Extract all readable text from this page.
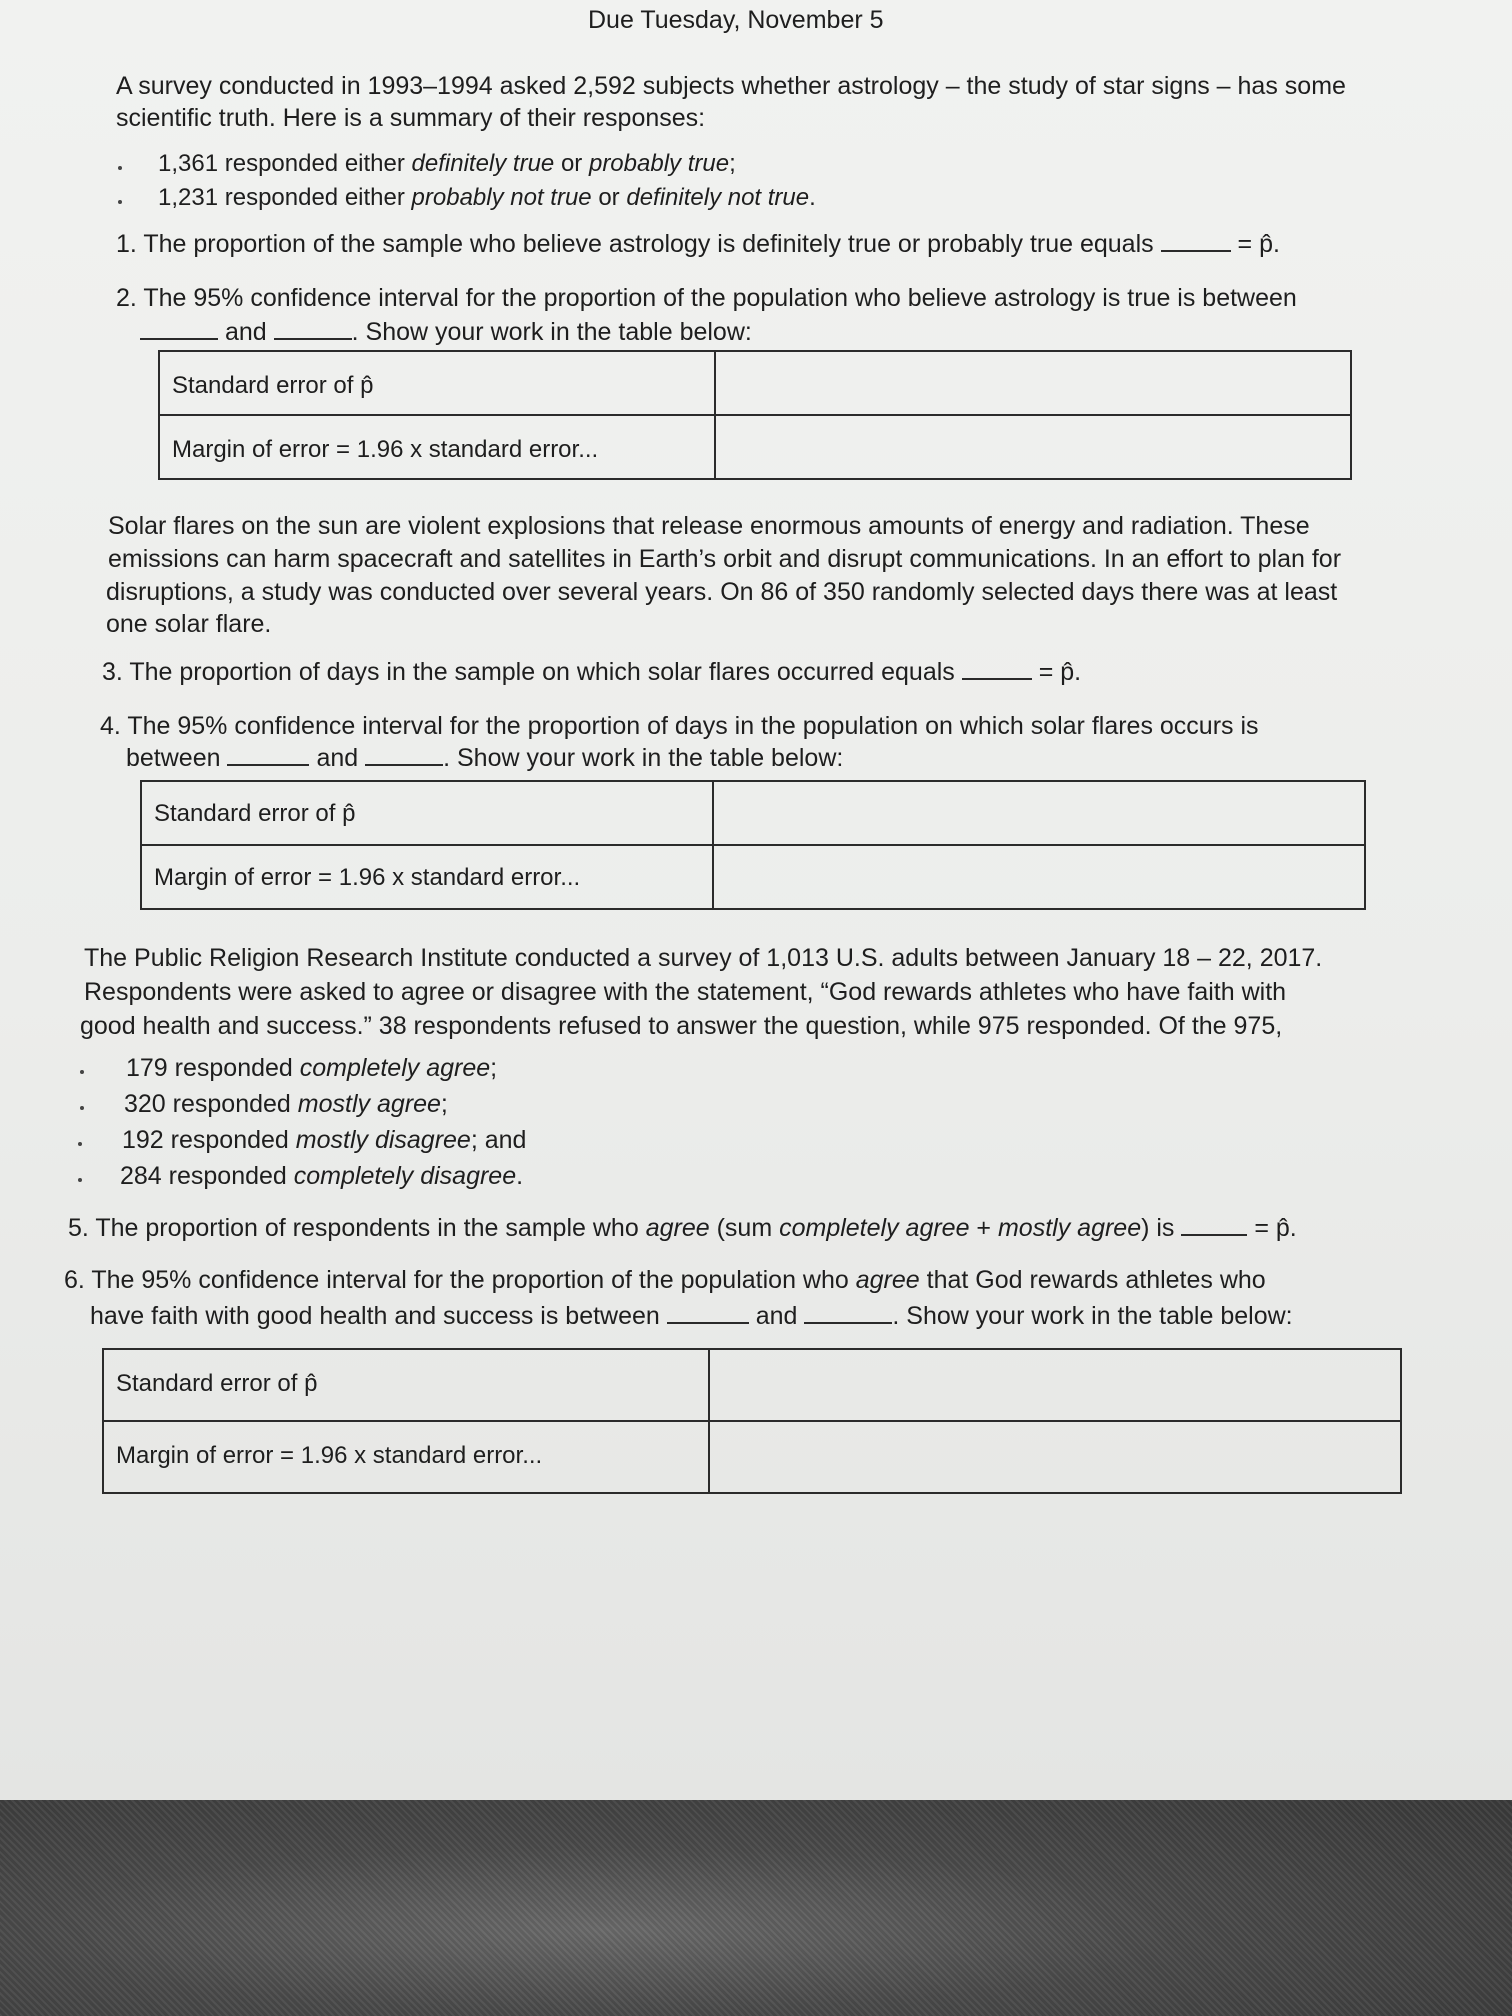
Due Tuesday, November 5
A survey conducted in 1993–1994 asked 2,592 subjects whether astrology – the study of star signs – has some
scientific truth. Here is a summary of their responses:
1,361 responded either definitely true or probably true;
1,231 responded either probably not true or definitely not true.
1. The proportion of the sample who believe astrology is definitely true or probably true equals	= p̂.
2. The 95% confidence interval for the proportion of the population who believe astrology is true is between
and	. Show your work in the table below:
Standard error of p̂
Margin of error = 1.96 x standard error...
Solar flares on the sun are violent explosions that release enormous amounts of energy and radiation. These
emissions can harm spacecraft and satellites in Earth’s orbit and disrupt communications. In an effort to plan for
disruptions, a study was conducted over several years. On 86 of 350 randomly selected days there was at least
one solar flare.
3. The proportion of days in the sample on which solar flares occurred equals	= p̂.
4. The 95% confidence interval for the proportion of days in the population on which solar flares occurs is
between	and	. Show your work in the table below:
Standard error of p̂
Margin of error = 1.96 x standard error...
The Public Religion Research Institute conducted a survey of 1,013 U.S. adults between January 18 – 22, 2017.
Respondents were asked to agree or disagree with the statement, “God rewards athletes who have faith with
good health and success.” 38 respondents refused to answer the question, while 975 responded. Of the 975,
179 responded completely agree;
320 responded mostly agree;
192 responded mostly disagree; and
284 responded completely disagree.
5. The proportion of respondents in the sample who agree (sum completely agree + mostly agree) is	= p̂.
6. The 95% confidence interval for the proportion of the population who agree that God rewards athletes who
have faith with good health and success is between	and	. Show your work in the table below:
Standard error of p̂
Margin of error = 1.96 x standard error...
